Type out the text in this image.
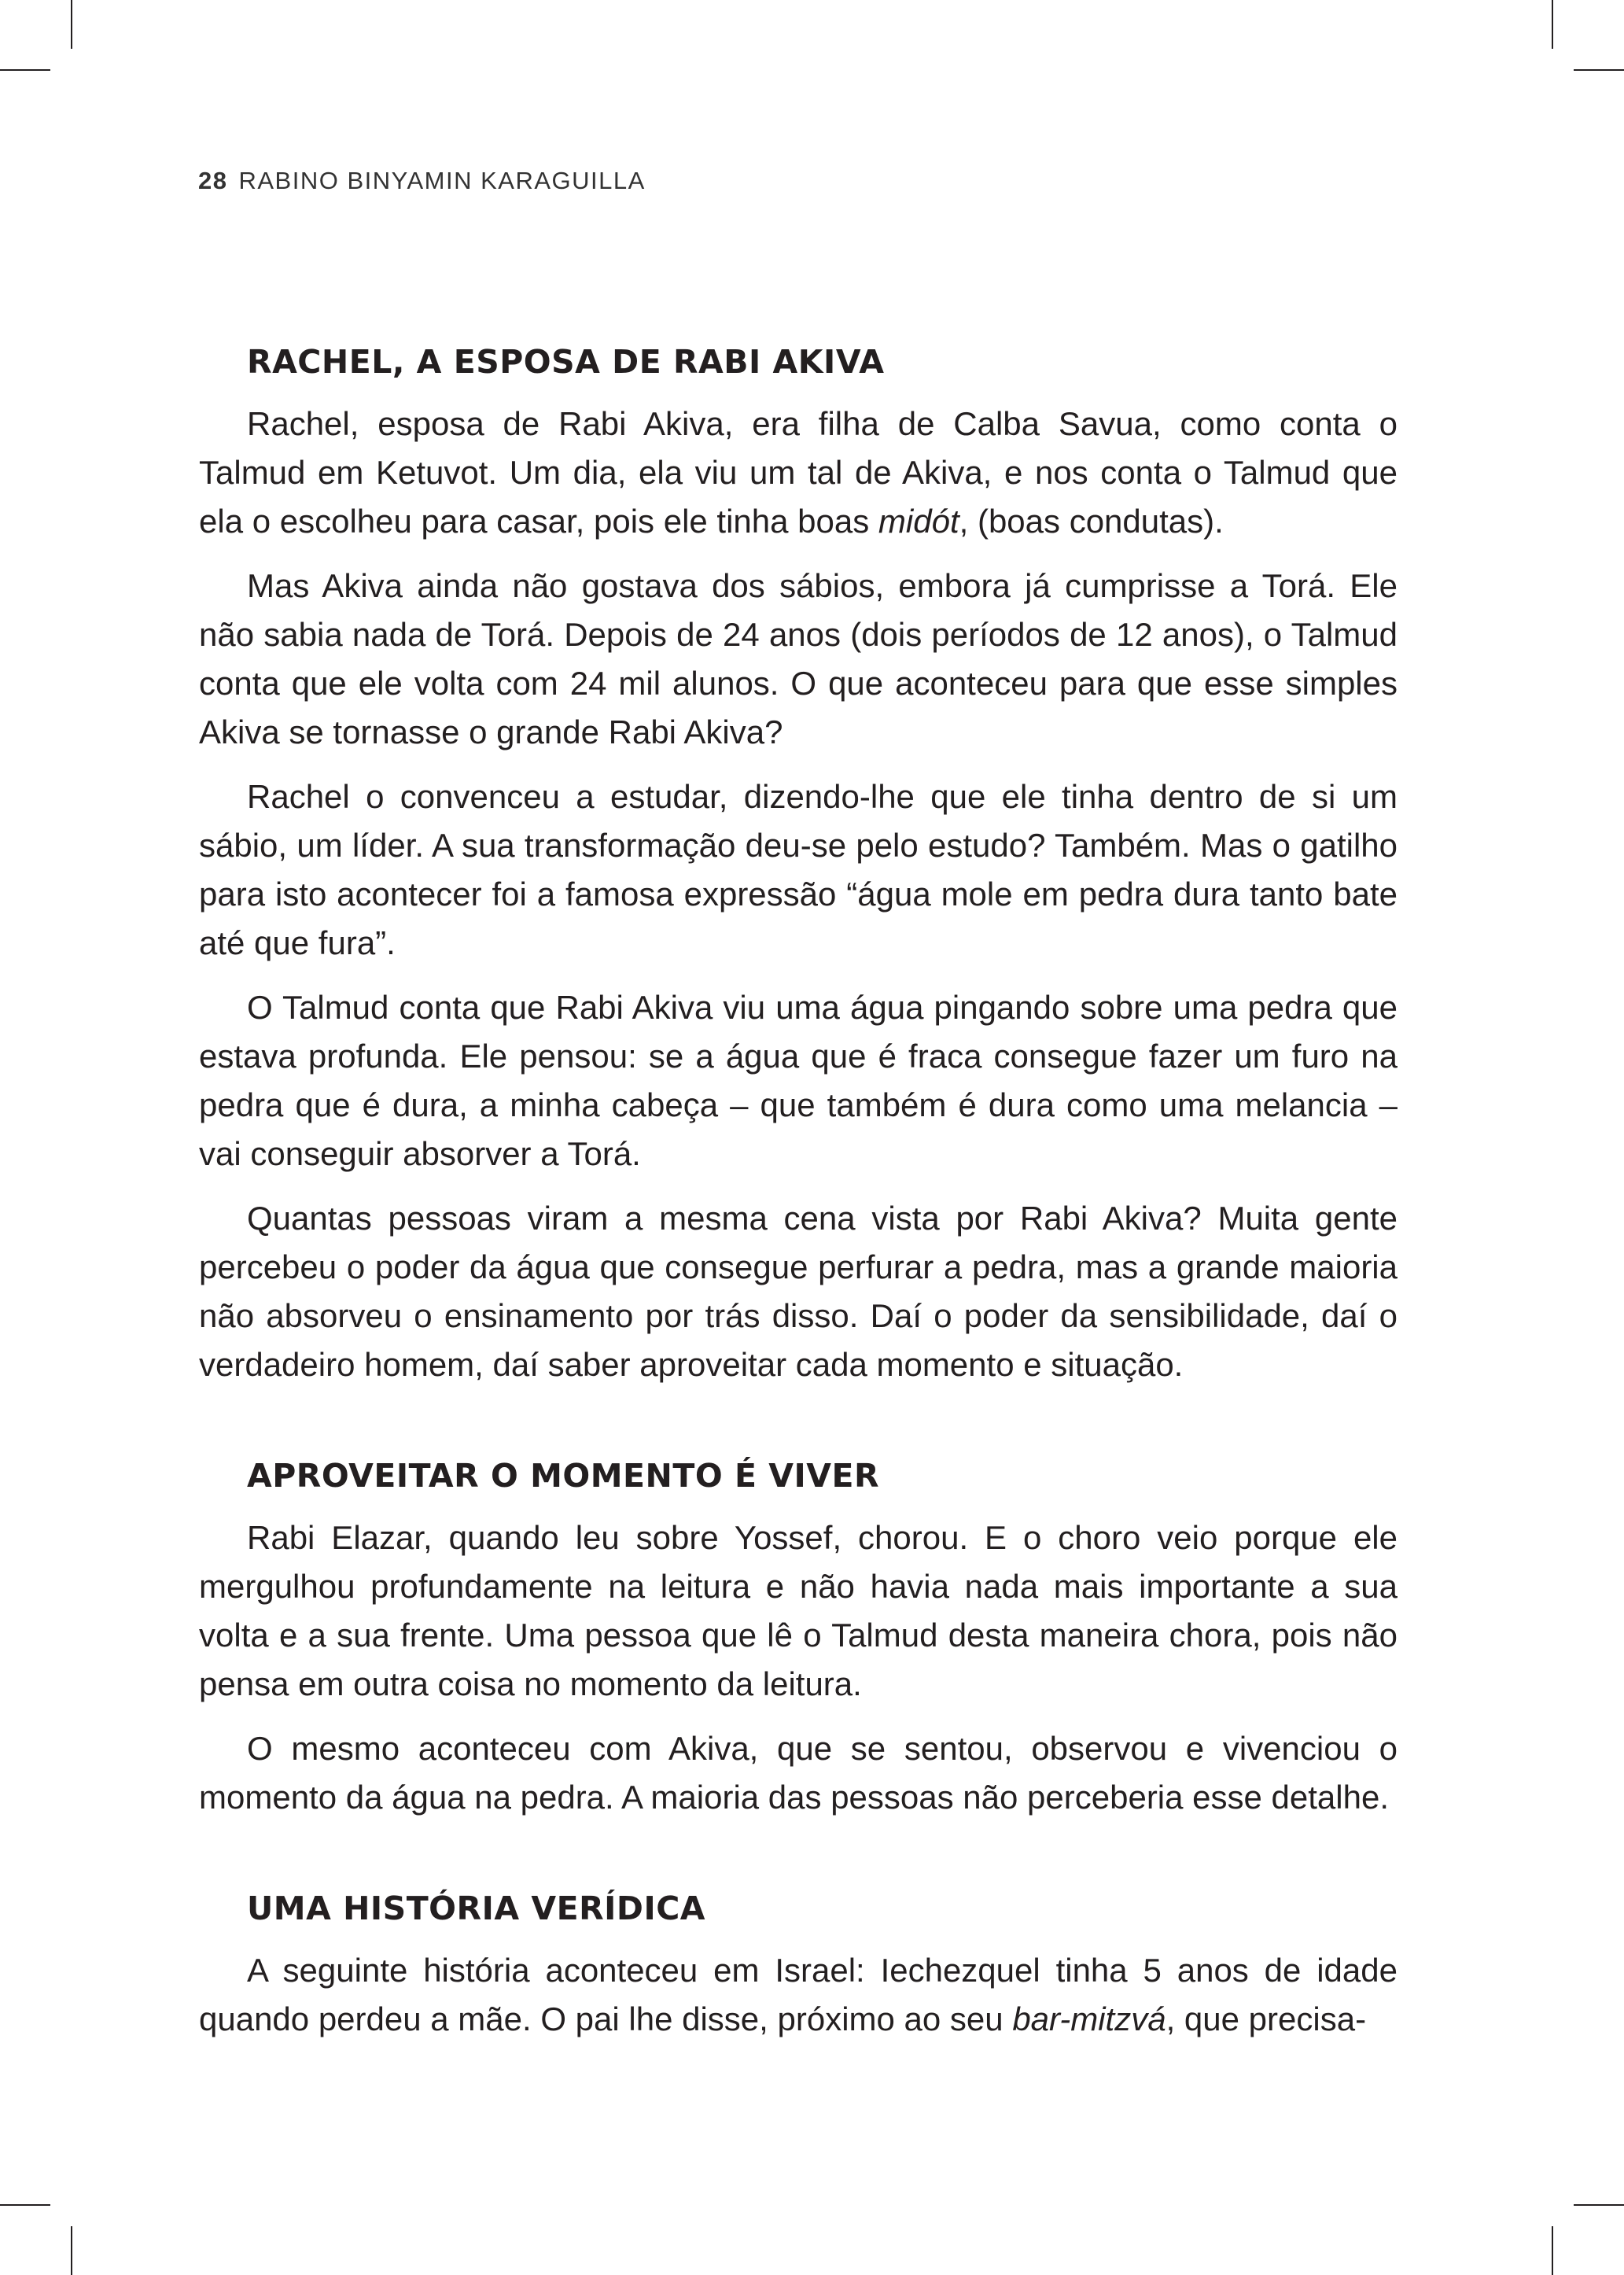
28 RABINO BINYAMIN KARAGUILLA
RACHEL, A ESPOSA DE RABI AKIVA

Rachel, esposa de Rabi Akiva, era filha de Calba Savua, como conta o Talmud em Ketuvot. Um dia, ela viu um tal de Akiva, e nos conta o Talmud que ela o escolheu para casar, pois ele tinha boas midót, (boas condutas).

Mas Akiva ainda não gostava dos sábios, embora já cumprisse a Torá. Ele não sabia nada de Torá. Depois de 24 anos (dois períodos de 12 anos), o Talmud conta que ele volta com 24 mil alunos. O que aconteceu para que esse simples Akiva se tornasse o grande Rabi Akiva?

Rachel o convenceu a estudar, dizendo-lhe que ele tinha dentro de si um sábio, um líder. A sua transformação deu-se pelo estudo? Também. Mas o gatilho para isto acontecer foi a famosa expressão “água mole em pedra dura tanto bate até que fura”.

O Talmud conta que Rabi Akiva viu uma água pingando sobre uma pedra que estava profunda. Ele pensou: se a água que é fraca consegue fazer um furo na pedra que é dura, a minha cabeça – que também é dura como uma melancia – vai conseguir absorver a Torá.

Quantas pessoas viram a mesma cena vista por Rabi Akiva? Muita gente percebeu o poder da água que consegue perfurar a pedra, mas a grande maioria não absorveu o ensinamento por trás disso. Daí o poder da sensibilidade, daí o verdadeiro homem, daí saber aproveitar cada momento e situação.

APROVEITAR O MOMENTO É VIVER

Rabi Elazar, quando leu sobre Yossef, chorou. E o choro veio porque ele mergulhou profundamente na leitura e não havia nada mais importante a sua volta e a sua frente. Uma pessoa que lê o Talmud desta maneira chora, pois não pensa em outra coisa no momento da leitura.

O mesmo aconteceu com Akiva, que se sentou, observou e vivenciou o momento da água na pedra. A maioria das pessoas não perceberia esse detalhe.

UMA HISTÓRIA VERÍDICA

A seguinte história aconteceu em Israel: Iechezquel tinha 5 anos de idade quando perdeu a mãe. O pai lhe disse, próximo ao seu bar-mitzvá, que precisa-
